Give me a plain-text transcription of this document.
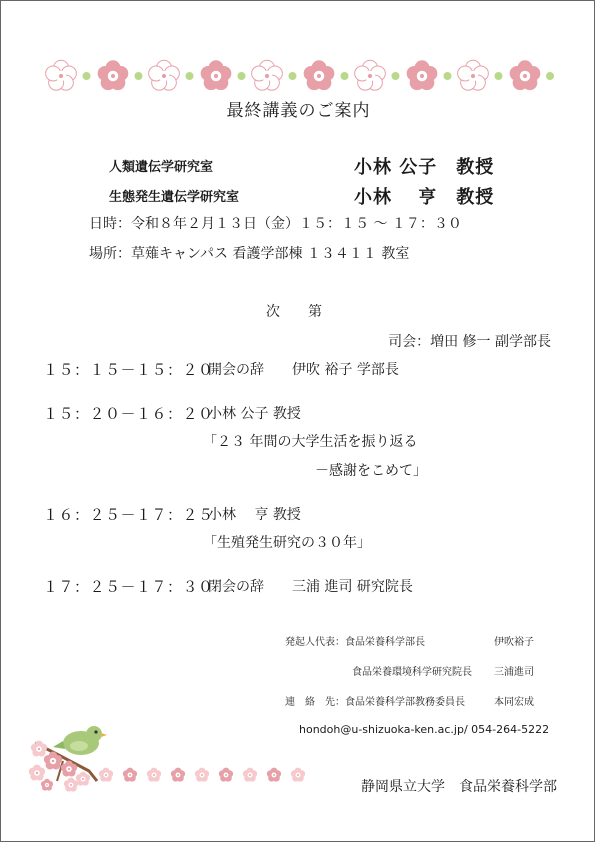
最終講義のご案内
人類遺伝学研究室	小林 公子　教授
生態発生遺伝学研究室	小林　 亨　教授
日時：令和８年２月１３日（金）１５：１５ ～ １７：３０
場所：草薙キャンパス 看護学部棟 １３４１１ 教室
次　　第
司会：増田 修一 副学部長
１５：１５－１５：２０
開会の辞　　伊吹 裕子 学部長
１５：２０－１６：２０
小林 公子 教授
「２３ 年間の大学生活を振り返る
－感謝をこめて」
１６：２５－１７：２５
小林　 亨 教授
「生殖発生研究の３０年」
１７：２５－１７：３０
閉会の辞　　三浦 進司 研究院長
発起人代表：食品栄養科学部長	伊吹裕子
食品栄養環境科学研究院長 三浦進司
連　絡　先：食品栄養科学部教務委員長	本同宏成
hondoh@u-shizuoka-ken.ac.jp/ 054-264-5222
静岡県立大学　食品栄養科学部
